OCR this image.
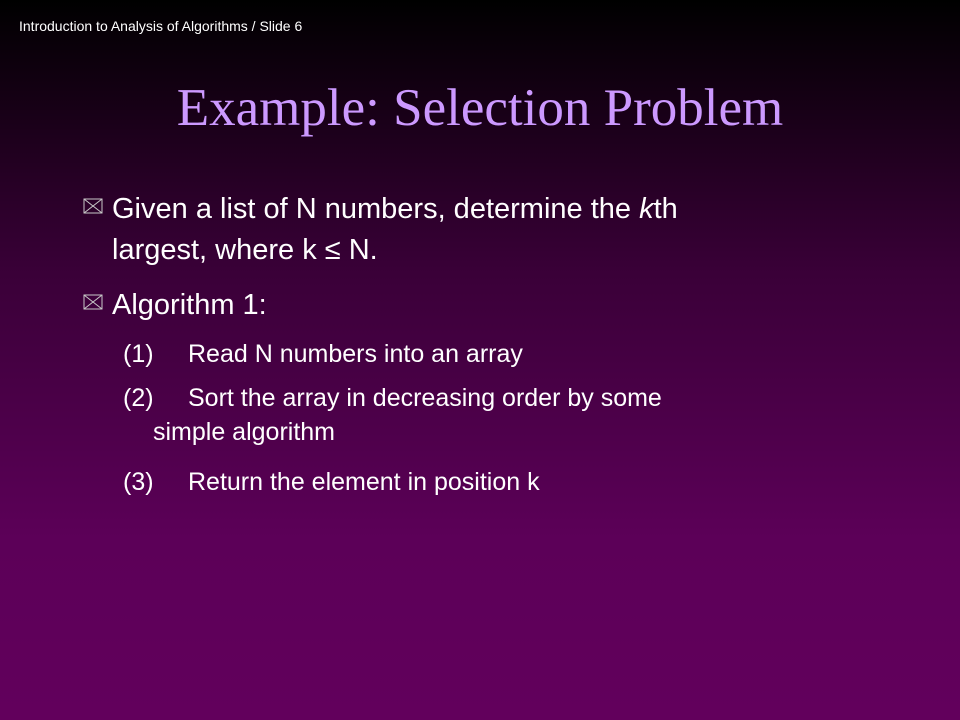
Introduction to Analysis of Algorithms / Slide 6
Example: Selection Problem
Given a list of N numbers, determine the kth
largest, where k ≤ N.
Algorithm 1:
(1) Read N numbers into an array
(2) Sort the array in decreasing order by some
simple algorithm
(3) Return the element in position k
